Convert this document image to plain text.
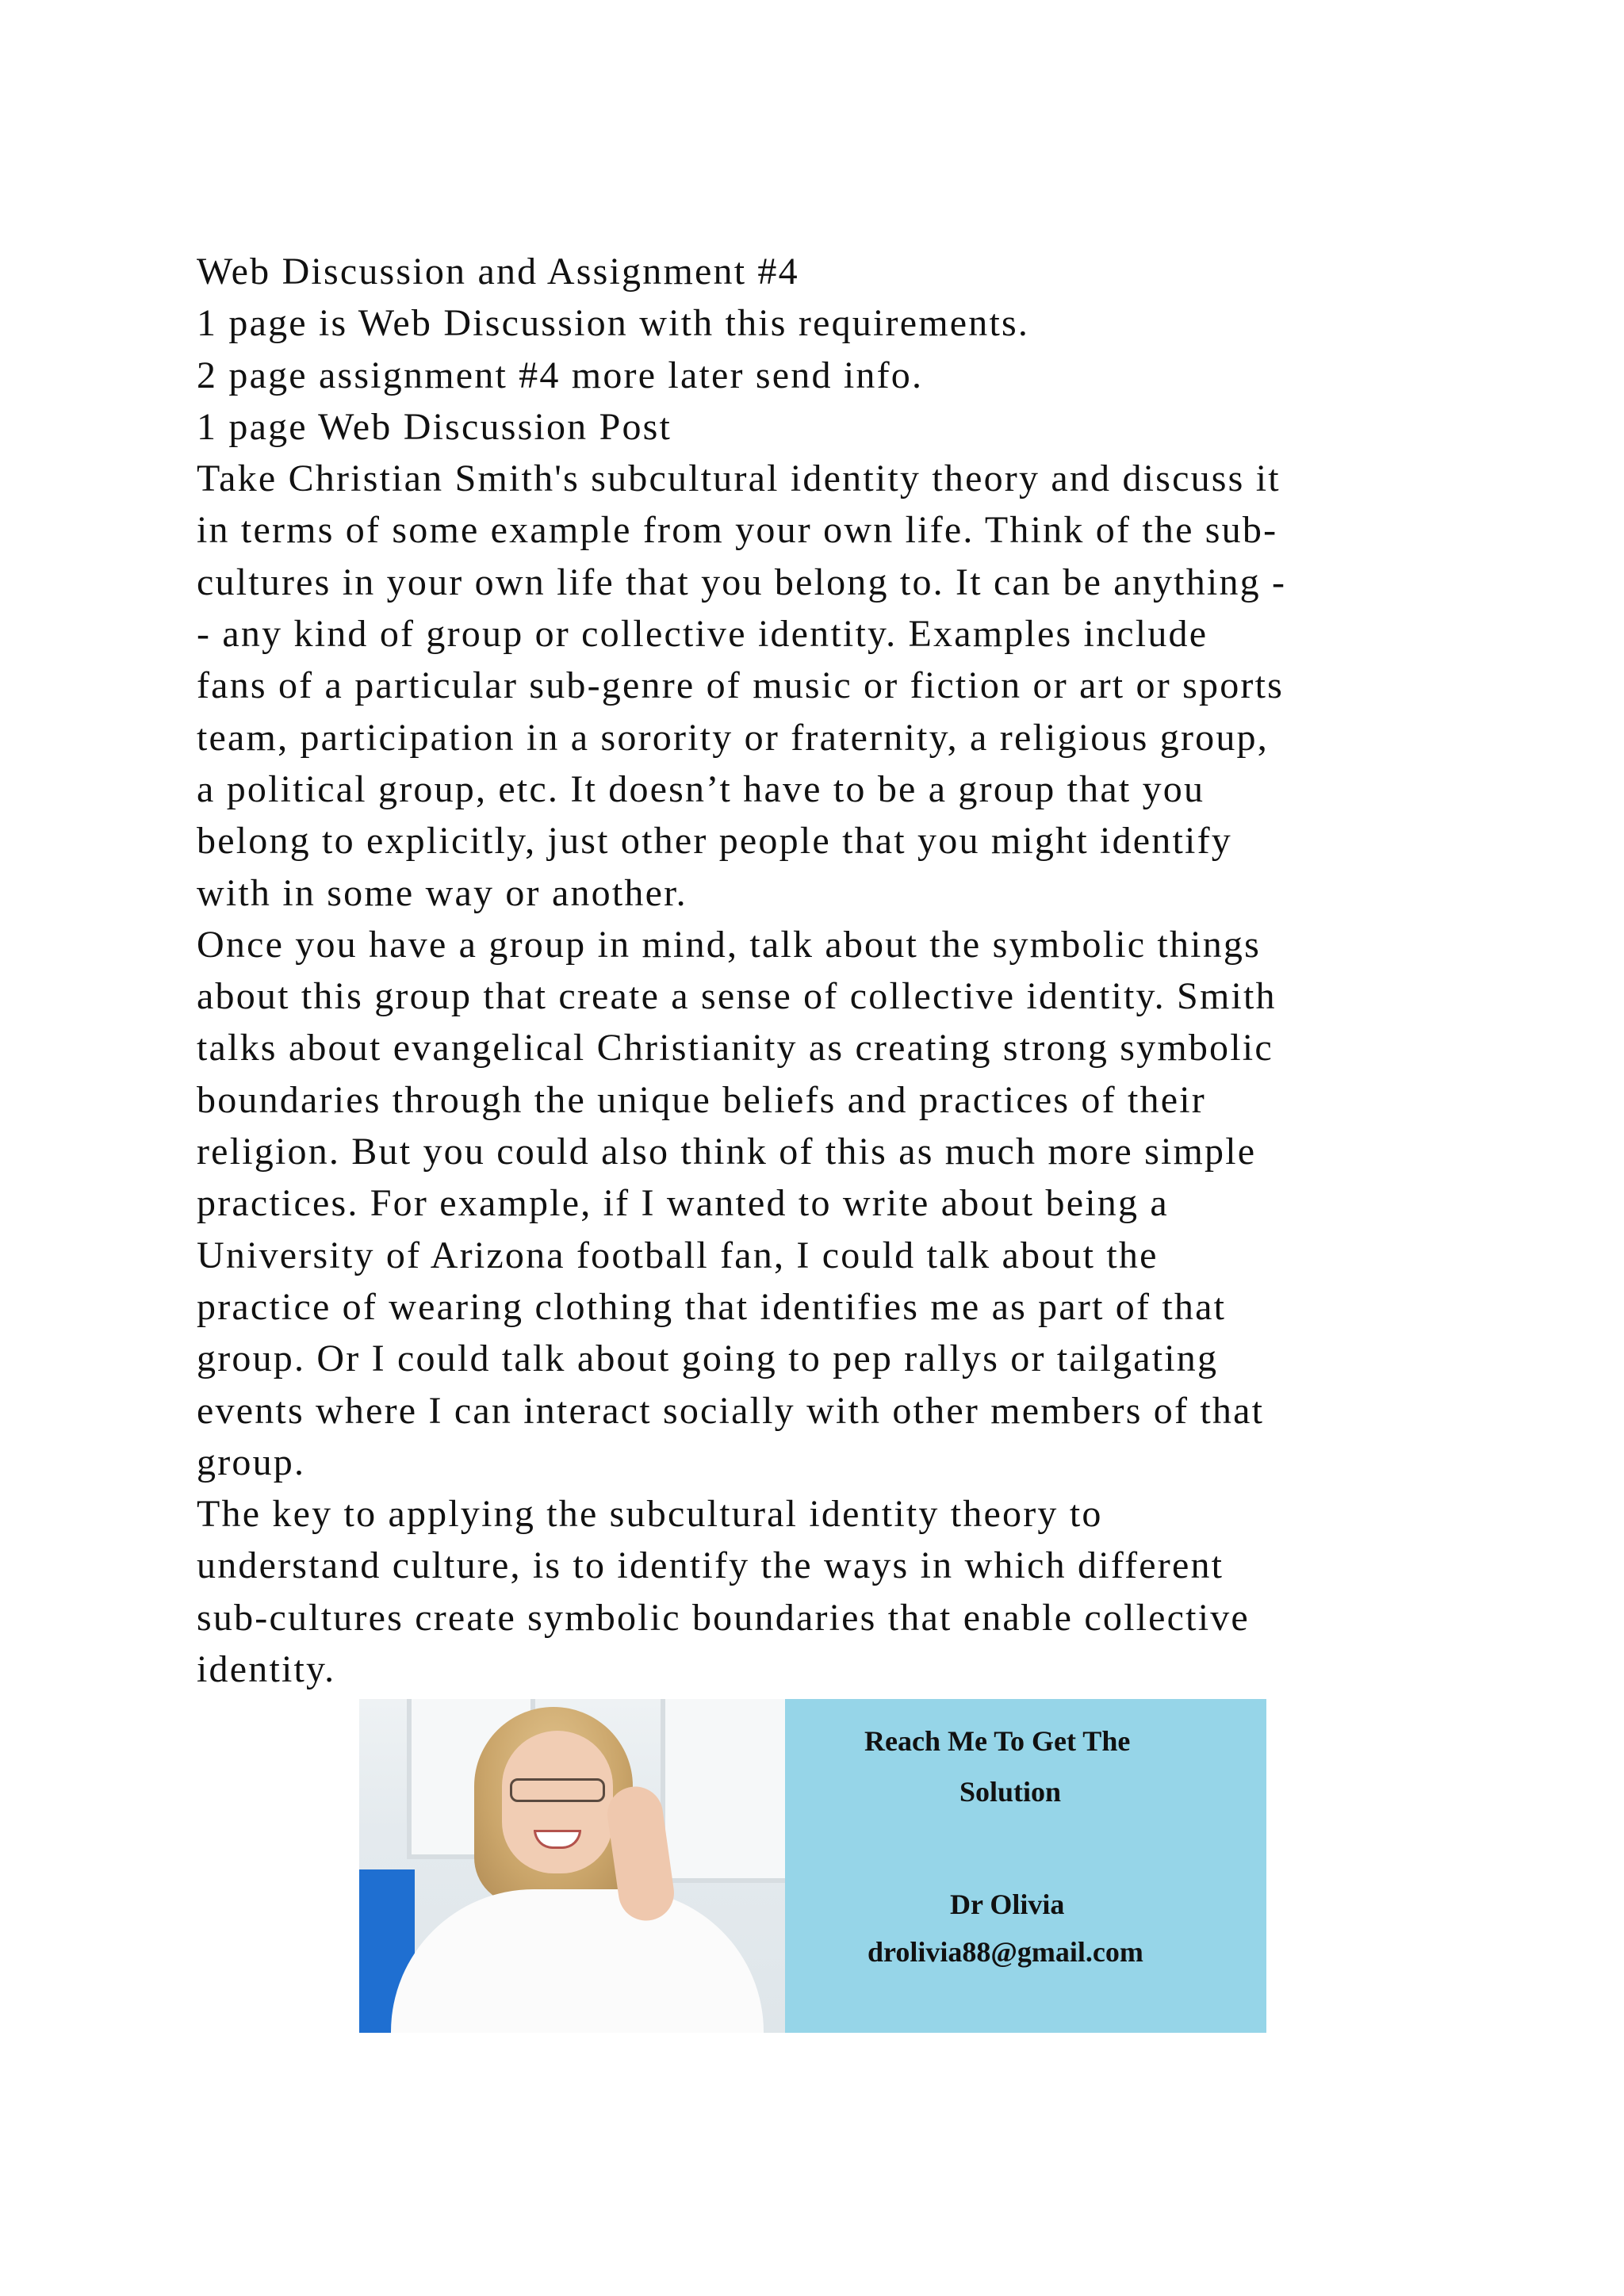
Web Discussion and Assignment #4
1 page is Web Discussion with this requirements.
2 page assignment #4 more later send info.
1 page Web Discussion Post
Take Christian Smith's subcultural identity theory and discuss it
in terms of some example from your own life. Think of the sub-
cultures in your own life that you belong to. It can be anything -
- any kind of group or collective identity. Examples include
fans of a particular sub-genre of music or fiction or art or sports
team, participation in a sorority or fraternity, a religious group,
a political group, etc. It doesn’t have to be a group that you
belong to explicitly, just other people that you might identify
with in some way or another.
Once you have a group in mind, talk about the symbolic things
about this group that create a sense of collective identity. Smith
talks about evangelical Christianity as creating strong symbolic
boundaries through the unique beliefs and practices of their
religion. But you could also think of this as much more simple
practices. For example, if I wanted to write about being a
University of Arizona football fan, I could talk about the
practice of wearing clothing that identifies me as part of that
group. Or I could talk about going to pep rallys or tailgating
events where I can interact socially with other members of that
group.
The key to applying the subcultural identity theory to
understand culture, is to identify the ways in which different
sub-cultures create symbolic boundaries that enable collective
identity.
Reach Me To Get The
Solution
Dr Olivia
drolivia88@gmail.com
